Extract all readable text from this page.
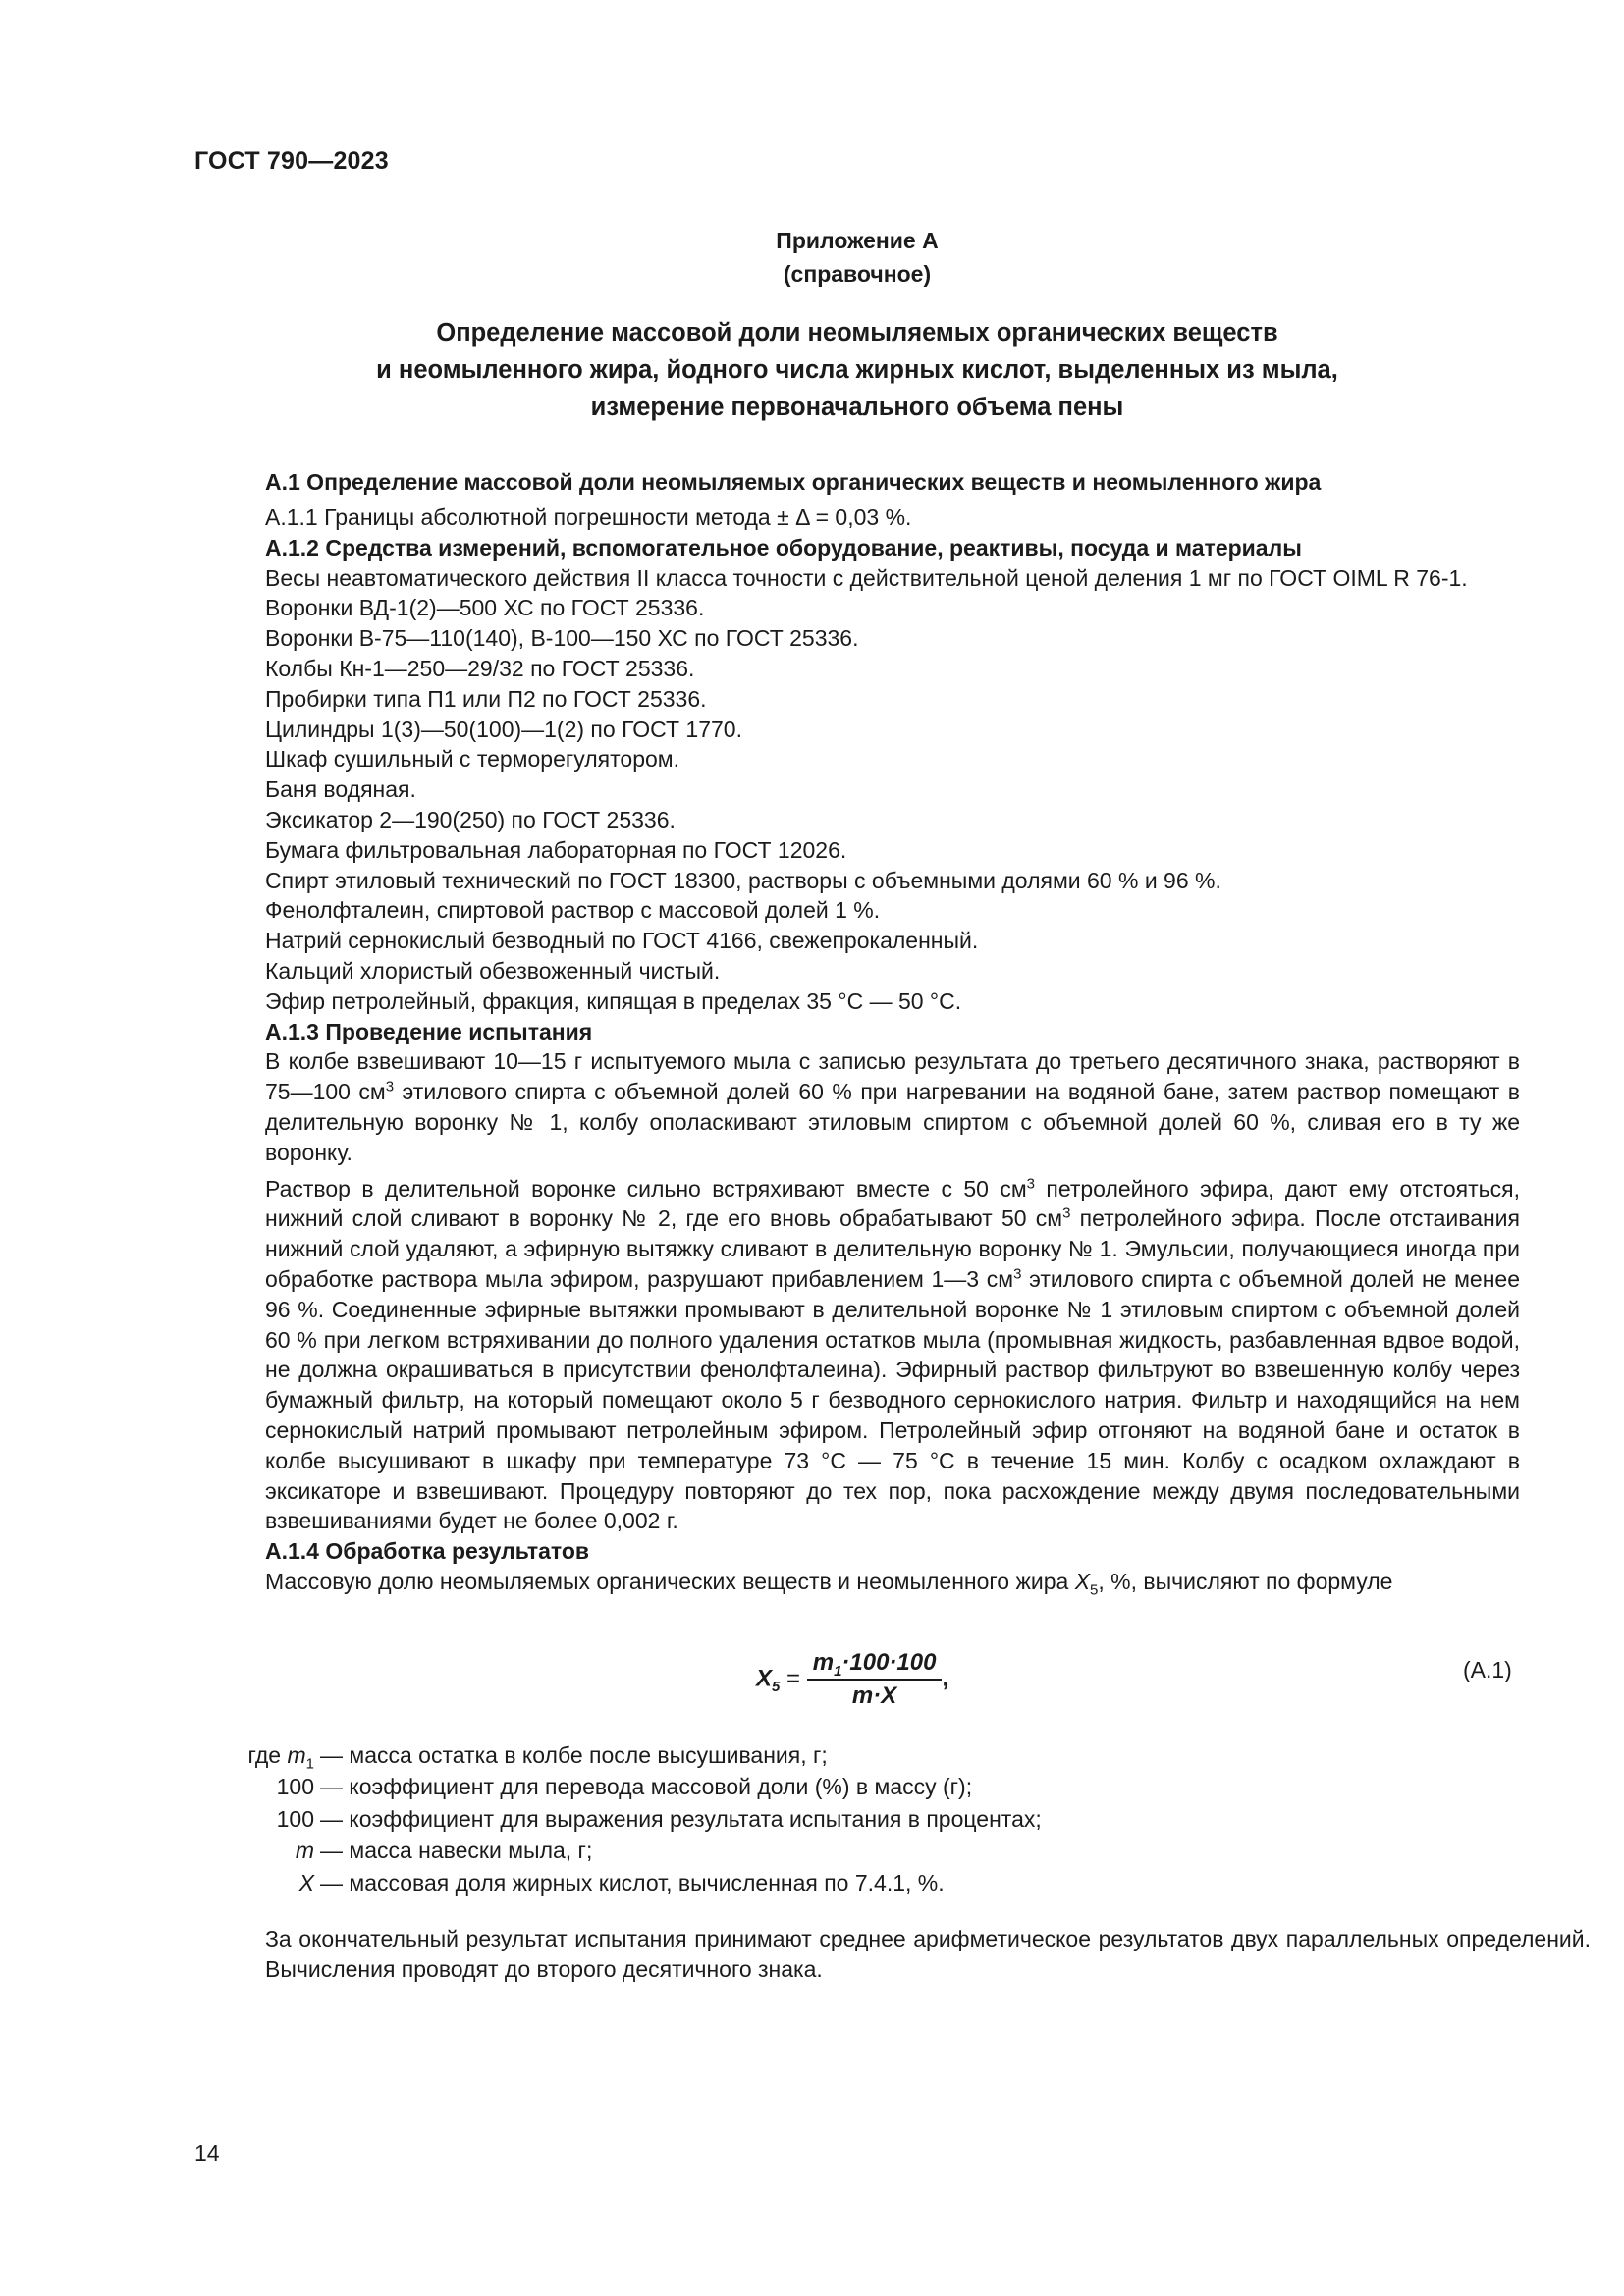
ГОСТ 790—2023
Приложение А
(справочное)
Определение массовой доли неомыляемых органических веществ
и неомыленного жира, йодного числа жирных кислот, выделенных из мыла,
измерение первоначального объема пены
А.1 Определение массовой доли неомыляемых органических веществ и неомыленного жира
А.1.1 Границы абсолютной погрешности метода ± Δ = 0,03 %.
А.1.2 Средства измерений, вспомогательное оборудование, реактивы, посуда и материалы
Весы неавтоматического действия II класса точности с действительной ценой деления 1 мг по ГОСТ OIML R 76-1.
Воронки ВД-1(2)—500 ХС по ГОСТ 25336.
Воронки В-75—110(140), В-100—150 ХС по ГОСТ 25336.
Колбы Кн-1—250—29/32 по ГОСТ 25336.
Пробирки типа П1 или П2 по ГОСТ 25336.
Цилиндры 1(3)—50(100)—1(2) по ГОСТ 1770.
Шкаф сушильный с терморегулятором.
Баня водяная.
Эксикатор 2—190(250) по ГОСТ 25336.
Бумага фильтровальная лабораторная по ГОСТ 12026.
Спирт этиловый технический по ГОСТ 18300, растворы с объемными долями 60 % и 96 %.
Фенолфталеин, спиртовой раствор с массовой долей 1 %.
Натрий сернокислый безводный по ГОСТ 4166, свежепрокаленный.
Кальций хлористый обезвоженный чистый.
Эфир петролейный, фракция, кипящая в пределах 35 °С — 50 °С.
А.1.3 Проведение испытания
В колбе взвешивают 10—15 г испытуемого мыла с записью результата до третьего десятичного знака, растворяют в 75—100 $см^3$ этилового спирта с объемной долей 60 % при нагревании на водяной бане, затем раствор помещают в делительную воронку № 1, колбу ополаскивают этиловым спиртом с объемной долей 60 %, сливая его в ту же воронку.
Раствор в делительной воронке сильно встряхивают вместе с 50 $см^3$ петролейного эфира, дают ему отстояться, нижний слой сливают в воронку № 2, где его вновь обрабатывают 50 $см^3$ петролейного эфира. После отстаивания нижний слой удаляют, а эфирную вытяжку сливают в делительную воронку № 1. Эмульсии, получающиеся иногда при обработке раствора мыла эфиром, разрушают прибавлением 1—3 $см^3$ этилового спирта с объемной долей не менее 96 %. Соединенные эфирные вытяжки промывают в делительной воронке № 1 этиловым спиртом с объемной долей 60 % при легком встряхивании до полного удаления остатков мыла (промывная жидкость, разбавленная вдвое водой, не должна окрашиваться в присутствии фенолфталеина). Эфирный раствор фильтруют во взвешенную колбу через бумажный фильтр, на который помещают около 5 г безводного сернокислого натрия. Фильтр и находящийся на нем сернокислый натрий промывают петролейным эфиром. Петролейный эфир отгоняют на водяной бане и остаток в колбе высушивают в шкафу при температуре 73 °С — 75 °С в течение 15 мин. Колбу с осадком охлаждают в эксикаторе и взвешивают. Процедуру повторяют до тех пор, пока расхождение между двумя последовательными взвешиваниями будет не более 0,002 г.
А.1.4 Обработка результатов
Массовую долю неомыляемых органических веществ и неомыленного жира $X_5$, %, вычисляют по формуле
$X_5 = \frac{m_1\cdot 100\cdot 100}{m\cdot X}$ ,	(А.1)
где $m_1$
100
100
m
X
— масса остатка в колбе после высушивания, г;
— коэффициент для перевода массовой доли (%) в массу (г);
— коэффициент для выражения результата испытания в процентах;
— масса навески мыла, г;
— массовая доля жирных кислот, вычисленная по 7.4.1, %.
За окончательный результат испытания принимают среднее арифметическое результатов двух параллельных определений. Вычисления проводят до второго десятичного знака.
14
